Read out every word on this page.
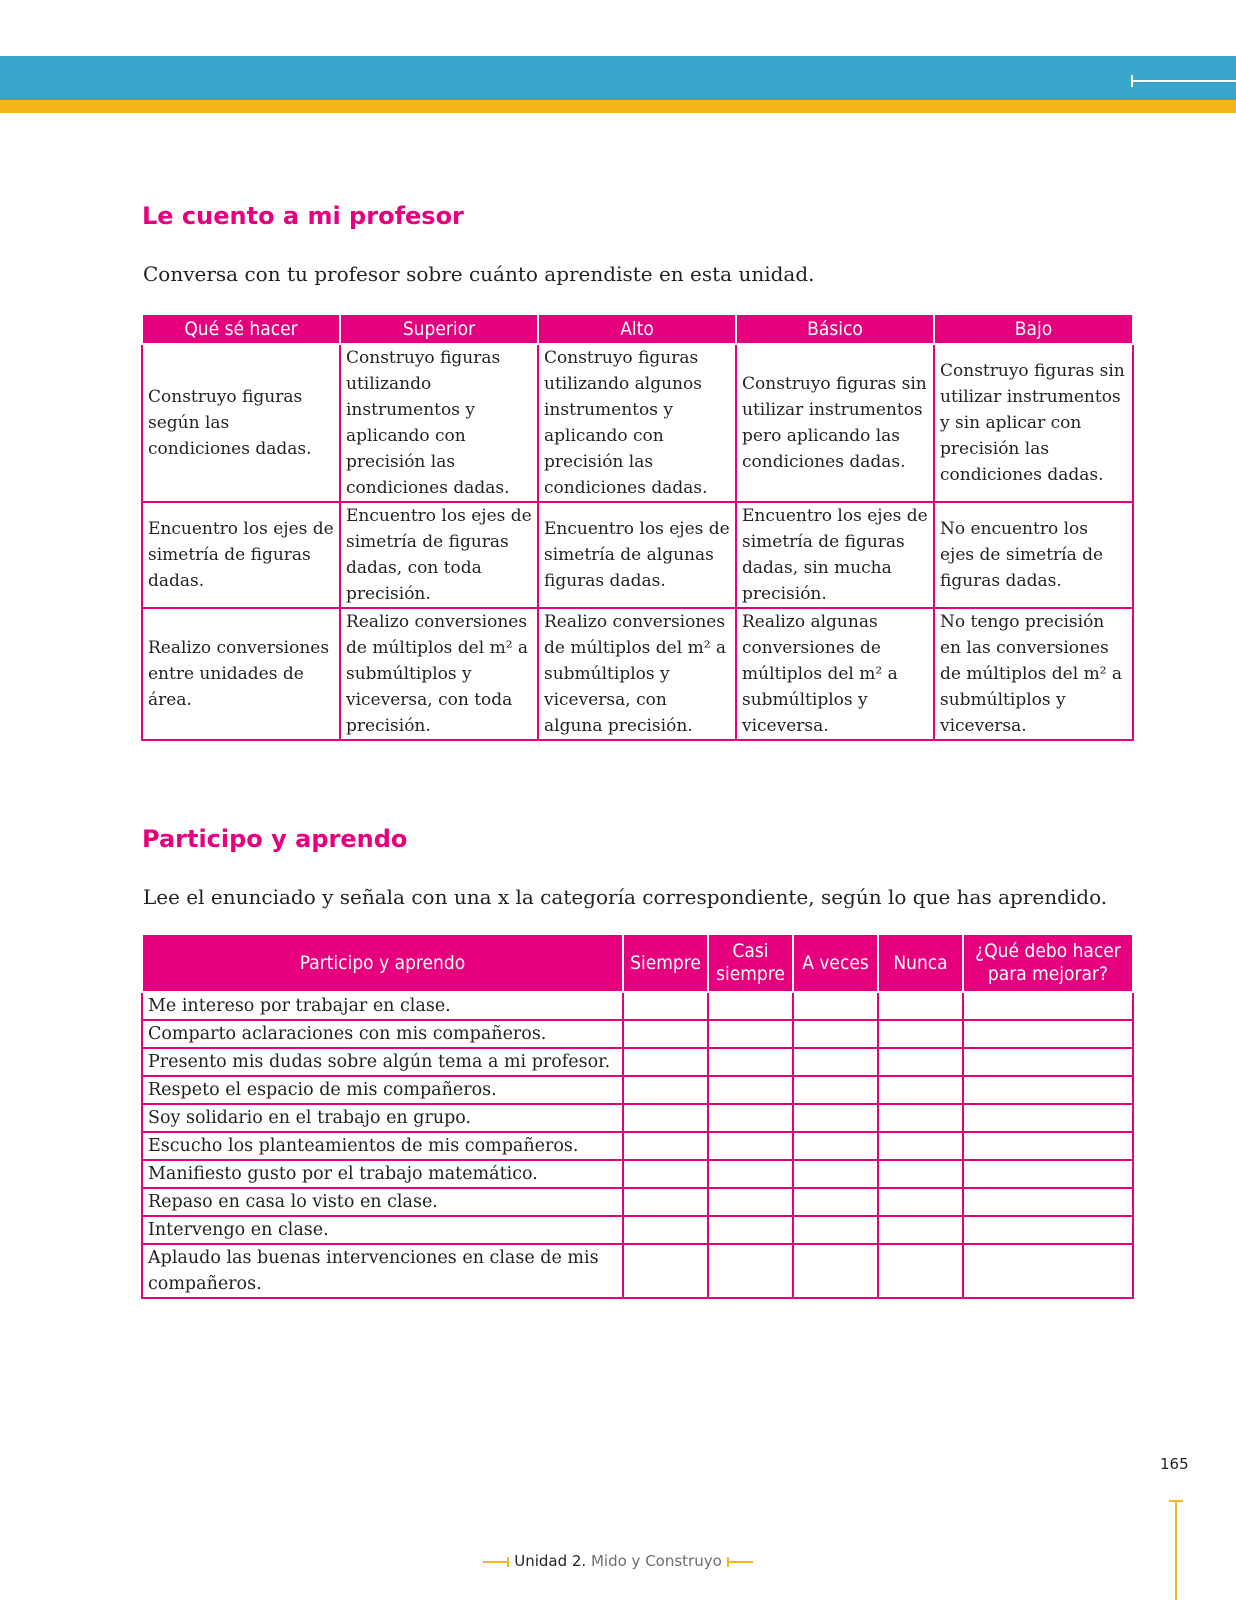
Le cuento a mi profesor

Conversa con tu profesor sobre cuánto aprendiste en esta unidad.

Qué sé hacer	Superior	Alto	Básico	Bajo
Construyo figuras según las condiciones dadas.	Construyo figuras utilizando instrumentos y aplicando con precisión las condiciones dadas.	Construyo figuras utilizando algunos instrumentos y aplicando con precisión las condiciones dadas.	Construyo figuras sin utilizar instrumentos pero aplicando las condiciones dadas.	Construyo figuras sin utilizar instrumentos y sin aplicar con precisión las condiciones dadas.
Encuentro los ejes de simetría de figuras dadas.	Encuentro los ejes de simetría de figuras dadas, con toda precisión.	Encuentro los ejes de simetría de algunas figuras dadas.	Encuentro los ejes de simetría de figuras dadas, sin mucha precisión.	No encuentro los ejes de simetría de figuras dadas.
Realizo conversiones entre unidades de área.	Realizo conversiones de múltiplos del m² a submúltiplos y viceversa, con toda precisión.	Realizo conversiones de múltiplos del m² a submúltiplos y viceversa, con alguna precisión.	Realizo algunas conversiones de múltiplos del m² a submúltiplos y viceversa.	No tengo precisión en las conversiones de múltiplos del m² a submúltiplos y viceversa.
Participo y aprendo

Lee el enunciado y señala con una x la categoría correspondiente, según lo que has aprendido.

Participo y aprendo	Siempre	Casi siempre	A veces	Nunca	¿Qué debo hacer para mejorar?
Me intereso por trabajar en clase.					
Comparto aclaraciones con mis compañeros.					
Presento mis dudas sobre algún tema a mi profesor.					
Respeto el espacio de mis compañeros.					
Soy solidario en el trabajo en grupo.					
Escucho los planteamientos de mis compañeros.					
Manifiesto gusto por el trabajo matemático.					
Repaso en casa lo visto en clase.					
Intervengo en clase.					
Aplaudo las buenas intervenciones en clase de mis compañeros.					
165
Unidad 2. Mido y Construyo
